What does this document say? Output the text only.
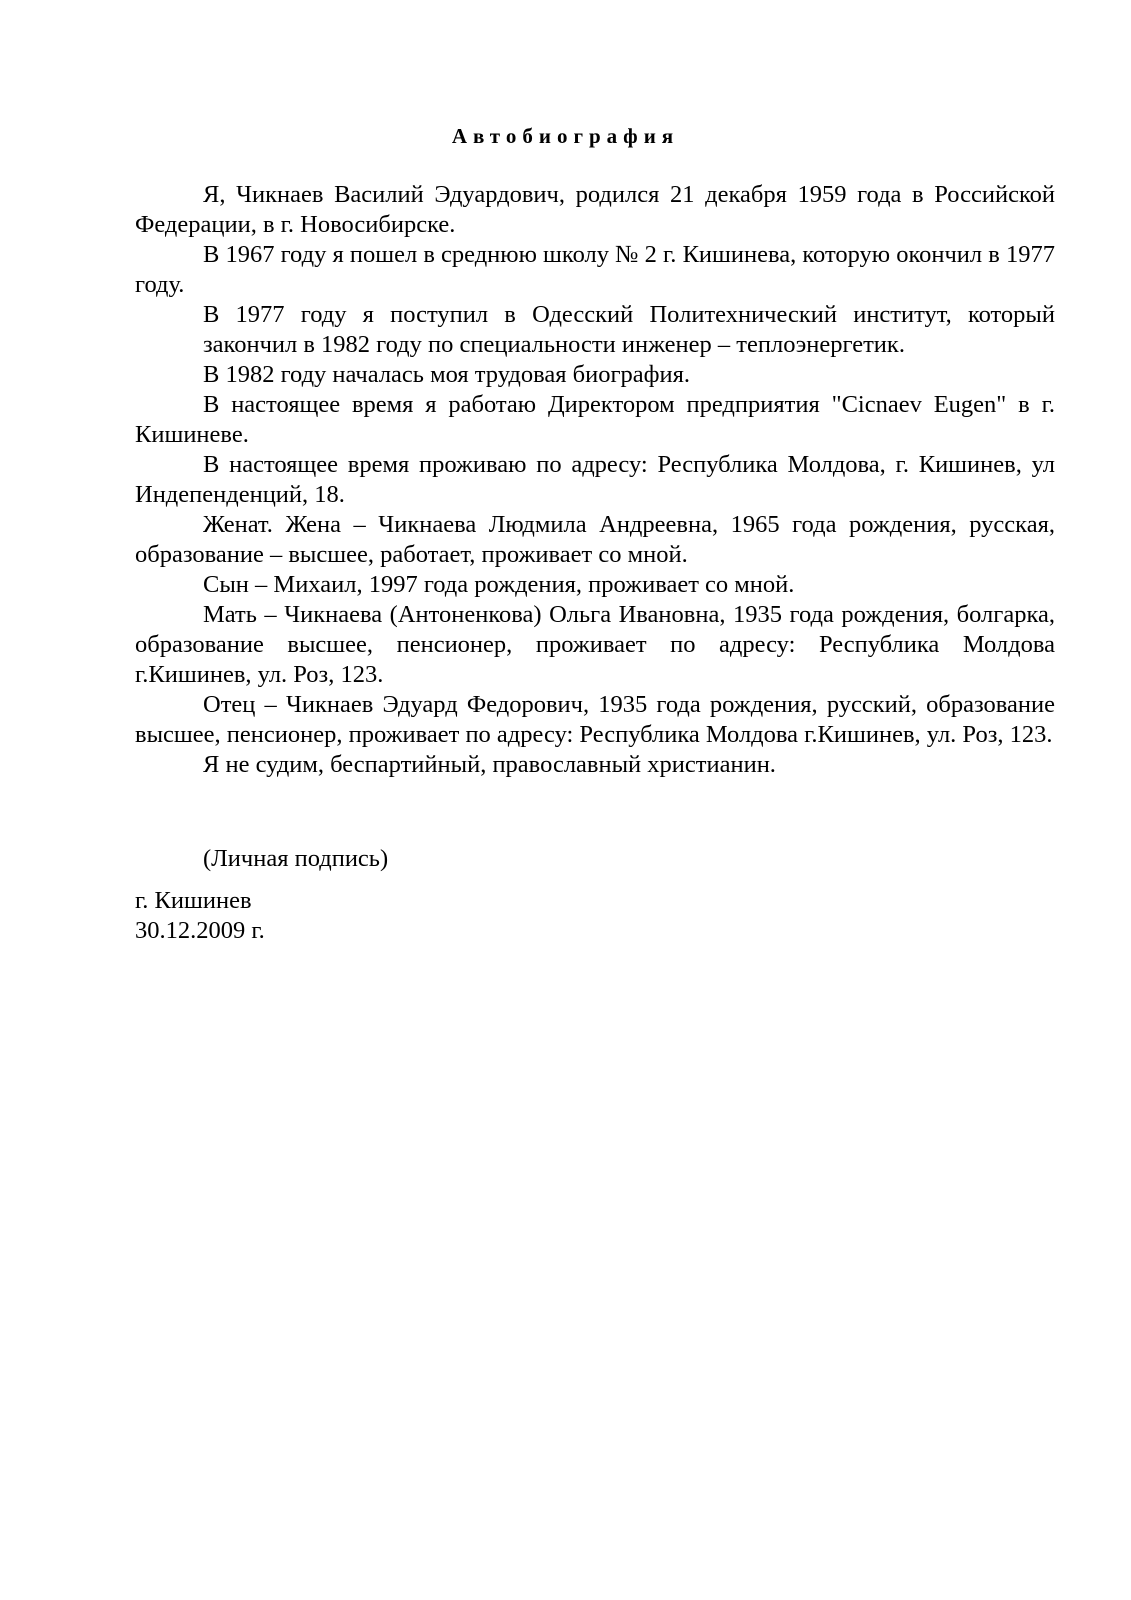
Автобиография

Я, Чикнаев Василий Эдуардович, родился 21 декабря 1959 года в Российской Федерации, в г. Новосибирске.

В 1967 году я пошел в среднюю школу № 2 г. Кишинева, которую окончил в 1977 году.

В 1977 году я поступил в Одесский Политехнический институт, который закончил в 1982 году по специальности инженер – теплоэнергетик.

В 1982 году началась моя трудовая биография.

В настоящее время я работаю Директором предприятия "Cicnaev Eugen" в г. Кишиневе.

В настоящее время проживаю по адресу: Республика Молдова, г. Кишинев, ул Индепенденций, 18.

Женат. Жена – Чикнаева Людмила Андреевна, 1965 года рождения, русская, образование – высшее, работает, проживает со мной.

Сын – Михаил, 1997 года рождения, проживает со мной.

Мать – Чикнаева (Антоненкова) Ольга Ивановна, 1935 года рождения, болгарка, образование высшее, пенсионер, проживает по адресу: Республика Молдова г.Кишинев, ул. Роз, 123.

Отец – Чикнаев Эдуард Федорович, 1935 года рождения, русский, образование высшее, пенсионер, проживает по адресу: Республика Молдова г.Кишинев, ул. Роз, 123.

Я не судим, беспартийный, православный христианин.

(Личная подпись)
г. Кишинев
30.12.2009 г.
